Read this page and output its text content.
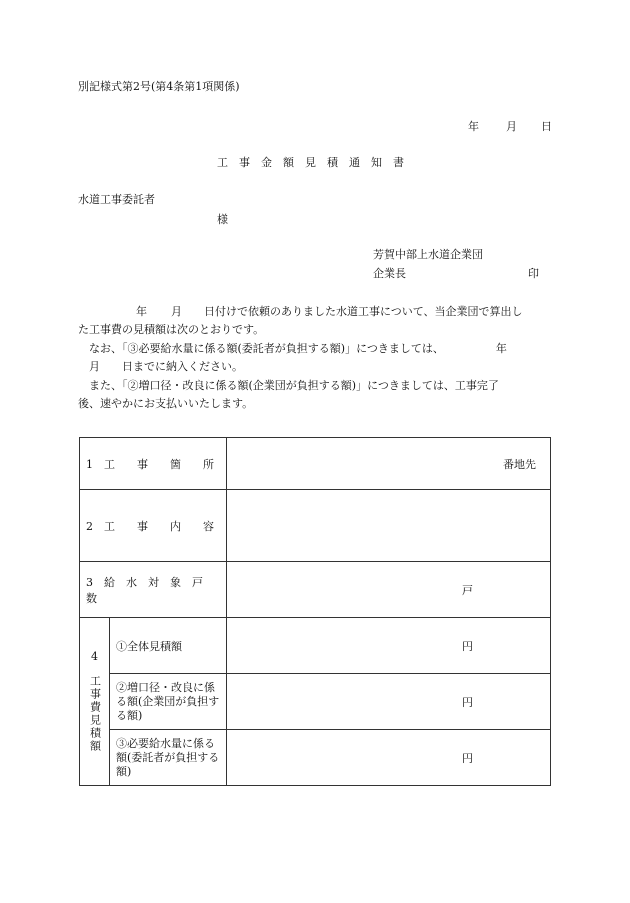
別記様式第2号(第4条第1項関係)
年 月 日
工　事　金　額　見　積　通　知　書
水道工事委託者
様
芳賀中部上水道企業団
企業長	印
年 月 日付けで依頼のありました水道工事について、当企業団で算出し
た工事費の見積額は次のとおりです。
なお、「③必要給水量に係る額(委託者が負担する額)」につきましては、	年
月 日までに納入ください。
また、「②増口径・改良に係る額(企業団が負担する額)」につきましては、工事完了
後、速やかにお支払いいたします。
1　工　　事　　箇　　所		番地先
2　工　　事　　内　　容		
3　給　水　対　象　戸　数		戸

4
工事費見積額	①全体見積額	円
	②増口径・改良に係る額(企業団が負担する額)	円
	③必要給水量に係る額(委託者が負担する額)	円
